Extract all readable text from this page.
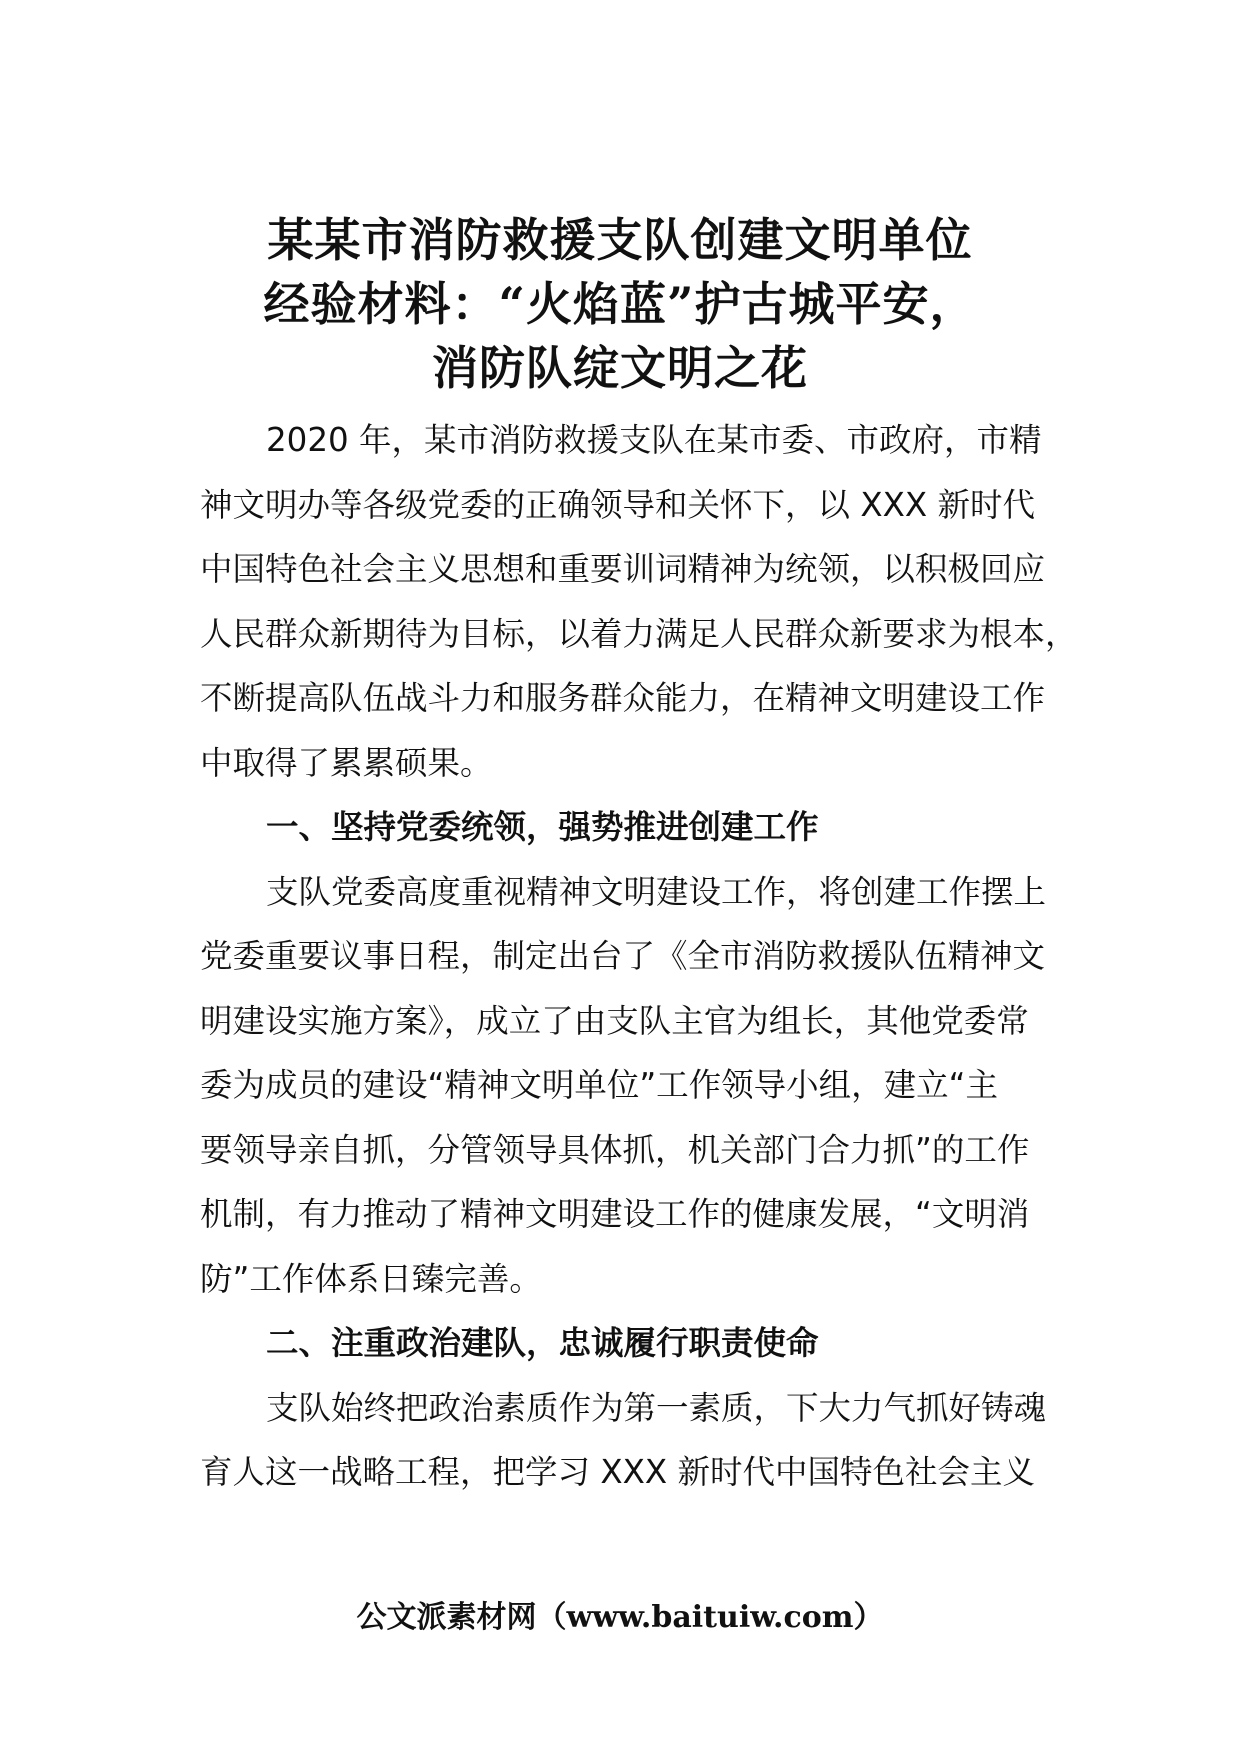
某某市消防救援支队创建文明单位
经验材料：“火焰蓝”护古城平安，
消防队绽文明之花
2020 年，某市消防救援支队在某市委、市政府，市精
神文明办等各级党委的正确领导和关怀下，以 XXX 新时代
中国特色社会主义思想和重要训词精神为统领，以积极回应
人民群众新期待为目标，以着力满足人民群众新要求为根本，
不断提高队伍战斗力和服务群众能力，在精神文明建设工作
中取得了累累硕果。
一、坚持党委统领，强势推进创建工作
支队党委高度重视精神文明建设工作，将创建工作摆上
党委重要议事日程，制定出台了《全市消防救援队伍精神文
明建设实施方案》，成立了由支队主官为组长，其他党委常
委为成员的建设“精神文明单位”工作领导小组，建立“主
要领导亲自抓，分管领导具体抓，机关部门合力抓”的工作
机制，有力推动了精神文明建设工作的健康发展，“文明消
防”工作体系日臻完善。
二、注重政治建队，忠诚履行职责使命
支队始终把政治素质作为第一素质，下大力气抓好铸魂
育人这一战略工程，把学习 XXX 新时代中国特色社会主义
公文派素材网（www.baituiw.com）
